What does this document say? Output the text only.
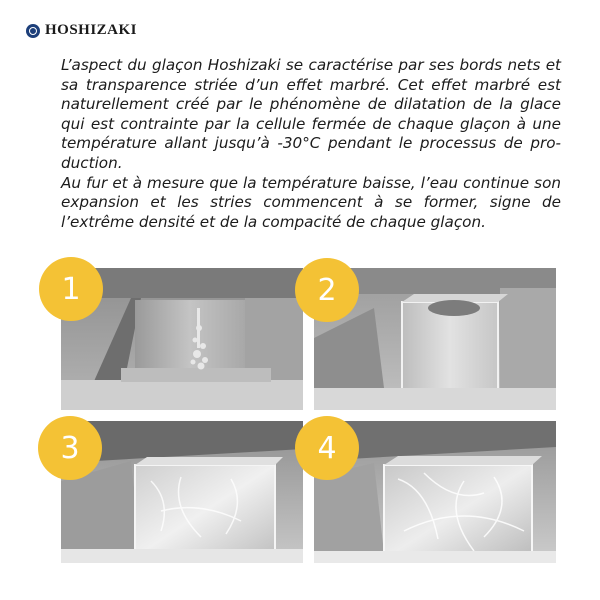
HOSHIZAKI

L’aspect du glaçon Hoshizaki se caractérise par ses bords nets et sa transparence striée d’un effet marbré. Cet effet marbré est naturellement créé par le phénomène de dilatation de la glace qui est contrainte par la cellule fermée de chaque glaçon à une température allant jusqu’à -30°C pendant le processus de production.

Au fur et à mesure que la température baisse, l’eau continue son expansion et les stries commencent à se former, signe de l’extrême densité et de la compacité de chaque glaçon.

1	2
3	4
